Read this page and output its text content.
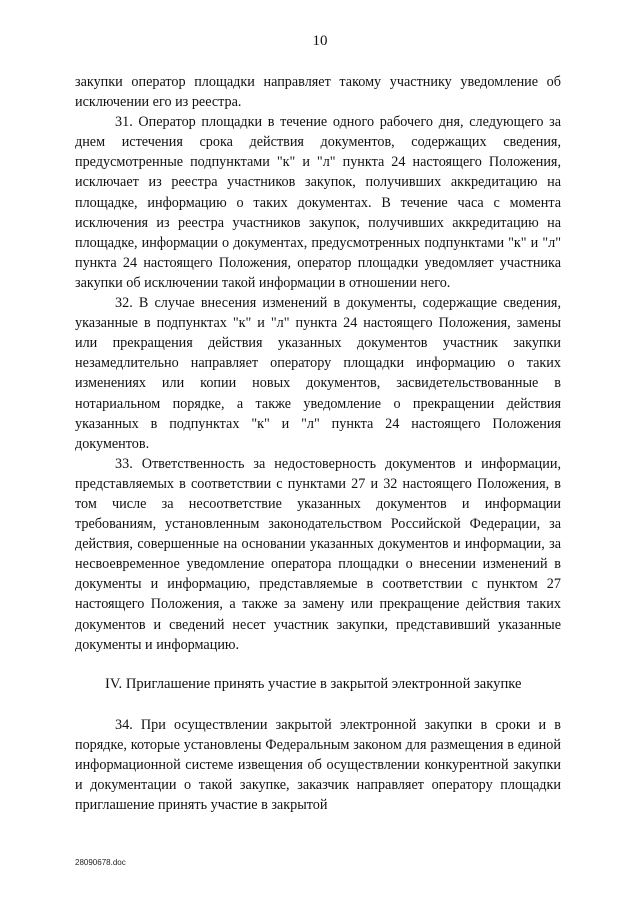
10

закупки оператор площадки направляет такому участнику уведомление об исключении его из реестра.

31. Оператор площадки в течение одного рабочего дня, следующего за днем истечения срока действия документов, содержащих сведения, предусмотренные подпунктами "к" и "л" пункта 24 настоящего Положения, исключает из реестра участников закупок, получивших аккредитацию на площадке, информацию о таких документах. В течение часа с момента исключения из реестра участников закупок, получивших аккредитацию на площадке, информации о документах, предусмотренных подпунктами "к" и "л" пункта 24 настоящего Положения, оператор площадки уведомляет участника закупки об исключении такой информации в отношении него.

32. В случае внесения изменений в документы, содержащие сведения, указанные в подпунктах "к" и "л" пункта 24 настоящего Положения, замены или прекращения действия указанных документов участник закупки незамедлительно направляет оператору площадки информацию о таких изменениях или копии новых документов, засвидетельствованные в нотариальном порядке, а также уведомление о прекращении действия указанных в подпунктах "к" и "л" пункта 24 настоящего Положения документов.

33. Ответственность за недостоверность документов и информации, представляемых в соответствии с пунктами 27 и 32 настоящего Положения, в том числе за несоответствие указанных документов и информации требованиям, установленным законодательством Российской Федерации, за действия, совершенные на основании указанных документов и информации, за несвоевременное уведомление оператора площадки о внесении изменений в документы и информацию, представляемые в соответствии с пунктом 27 настоящего Положения, а также за замену или прекращение действия таких документов и сведений несет участник закупки, представивший указанные документы и информацию.

IV. Приглашение принять участие в закрытой электронной закупке

34. При осуществлении закрытой электронной закупки в сроки и в порядке, которые установлены Федеральным законом для размещения в единой информационной системе извещения об осуществлении конкурентной закупки и документации о такой закупке, заказчик направляет оператору площадки приглашение принять участие в закрытой

28090678.doc
